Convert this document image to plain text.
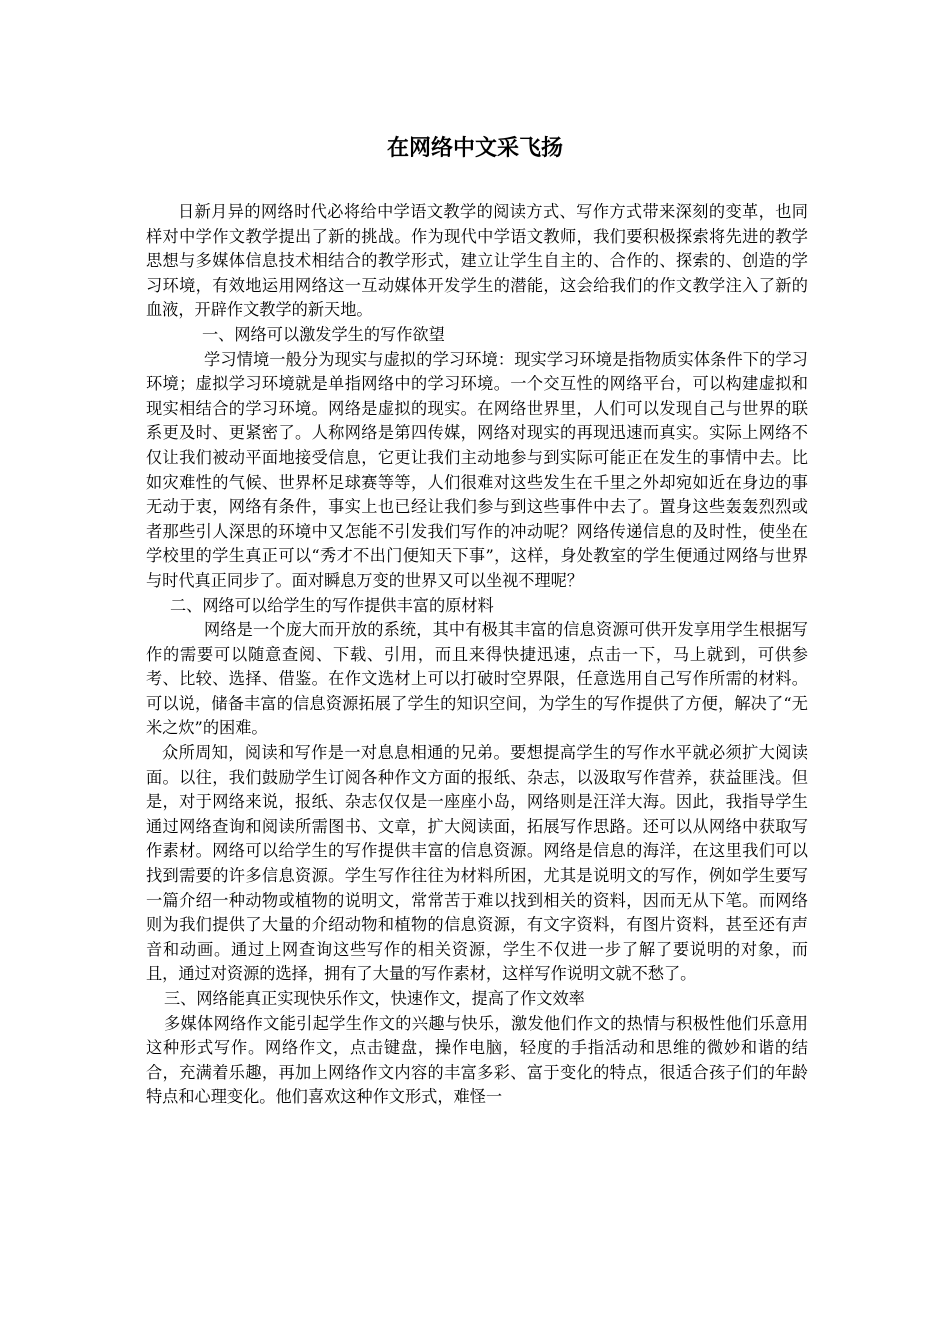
在网络中文采飞扬

日新月异的网络时代必将给中学语文教学的阅读方式、写作方式带来深刻的变革，也同样对中学作文教学提出了新的挑战。作为现代中学语文教师，我们要积极探索将先进的教学思想与多媒体信息技术相结合的教学形式，建立让学生自主的、合作的、探索的、创造的学习环境，有效地运用网络这一互动媒体开发学生的潜能，这会给我们的作文教学注入了新的血液，开辟作文教学的新天地。

一、网络可以激发学生的写作欲望

学习情境一般分为现实与虚拟的学习环境：现实学习环境是指物质实体条件下的学习环境；虚拟学习环境就是单指网络中的学习环境。一个交互性的网络平台，可以构建虚拟和现实相结合的学习环境。网络是虚拟的现实。在网络世界里，人们可以发现自己与世界的联系更及时、更紧密了。人称网络是第四传媒，网络对现实的再现迅速而真实。实际上网络不仅让我们被动平面地接受信息，它更让我们主动地参与到实际可能正在发生的事情中去。比如灾难性的气候、世界杯足球赛等等，人们很难对这些发生在千里之外却宛如近在身边的事无动于衷，网络有条件，事实上也已经让我们参与到这些事件中去了。置身这些轰轰烈烈或者那些引人深思的环境中又怎能不引发我们写作的冲动呢？网络传递信息的及时性，使坐在学校里的学生真正可以“秀才不出门便知天下事”，这样，身处教室的学生便通过网络与世界与时代真正同步了。面对瞬息万变的世界又可以坐视不理呢？

二、网络可以给学生的写作提供丰富的原材料

网络是一个庞大而开放的系统，其中有极其丰富的信息资源可供开发享用学生根据写作的需要可以随意查阅、下载、引用，而且来得快捷迅速，点击一下，马上就到，可供参考、比较、选择、借鉴。在作文选材上可以打破时空界限，任意选用自己写作所需的材料。可以说，储备丰富的信息资源拓展了学生的知识空间，为学生的写作提供了方便，解决了“无米之炊”的困难。

众所周知，阅读和写作是一对息息相通的兄弟。要想提高学生的写作水平就必须扩大阅读面。以往，我们鼓励学生订阅各种作文方面的报纸、杂志，以汲取写作营养，获益匪浅。但是，对于网络来说，报纸、杂志仅仅是一座座小岛，网络则是汪洋大海。因此，我指导学生通过网络查询和阅读所需图书、文章，扩大阅读面，拓展写作思路。还可以从网络中获取写作素材。网络可以给学生的写作提供丰富的信息资源。网络是信息的海洋，在这里我们可以找到需要的许多信息资源。学生写作往往为材料所困，尤其是说明文的写作，例如学生要写一篇介绍一种动物或植物的说明文，常常苦于难以找到相关的资料，因而无从下笔。而网络则为我们提供了大量的介绍动物和植物的信息资源，有文字资料，有图片资料，甚至还有声音和动画。通过上网查询这些写作的相关资源，学生不仅进一步了解了要说明的对象，而且，通过对资源的选择，拥有了大量的写作素材，这样写作说明文就不愁了。

三、网络能真正实现快乐作文，快速作文，提高了作文效率

多媒体网络作文能引起学生作文的兴趣与快乐，激发他们作文的热情与积极性他们乐意用这种形式写作。网络作文，点击键盘，操作电脑，轻度的手指活动和思维的微妙和谐的结合，充满着乐趣，再加上网络作文内容的丰富多彩、富于变化的特点，很适合孩子们的年龄特点和心理变化。他们喜欢这种作文形式，难怪一
